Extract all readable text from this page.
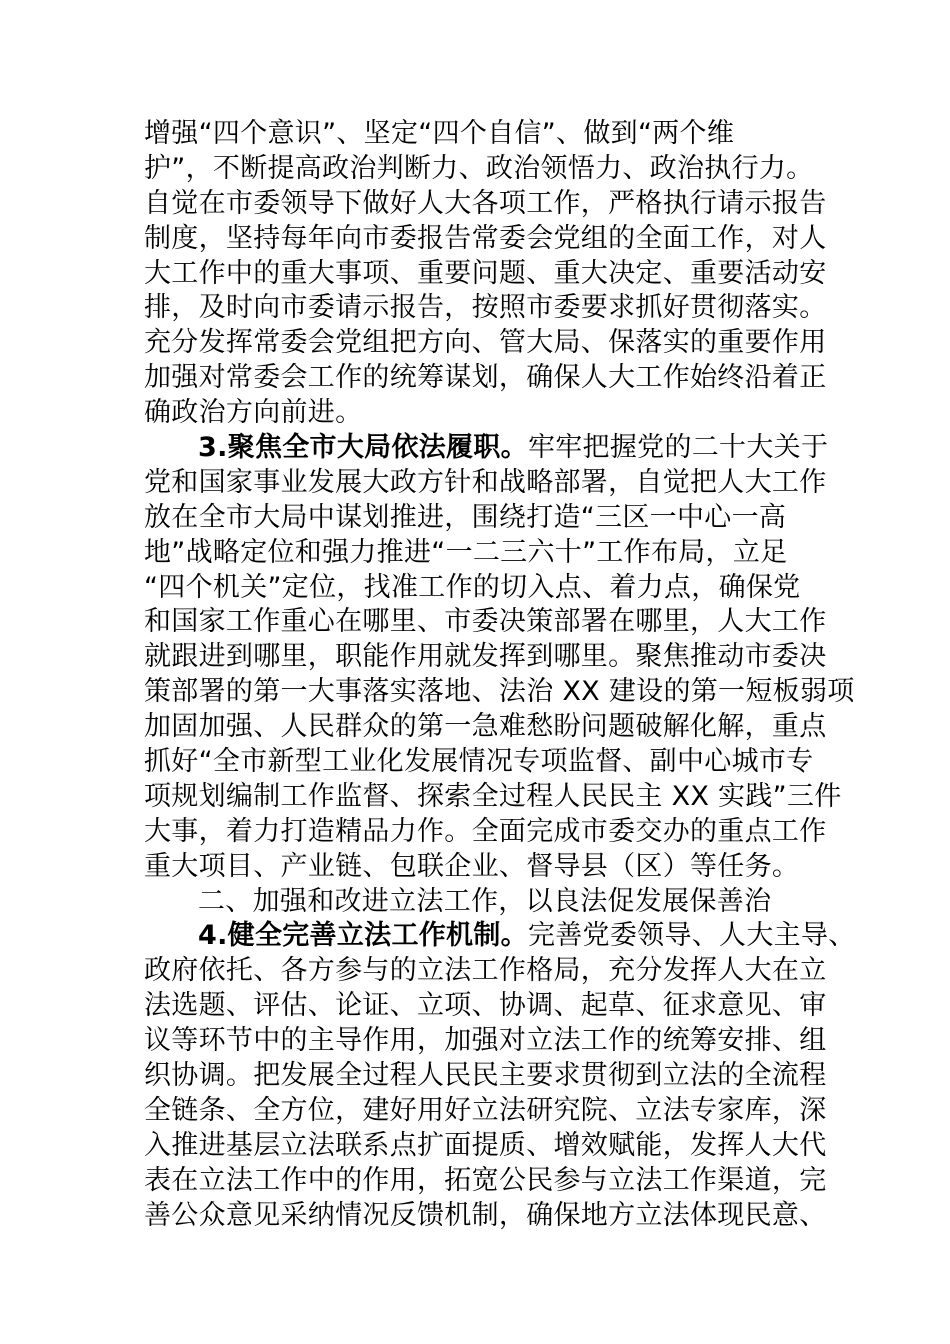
增强“四个意识”、坚定“四个自信”、做到“两个维
护”，不断提高政治判断力、政治领悟力、政治执行力。
自觉在市委领导下做好人大各项工作，严格执行请示报告
制度，坚持每年向市委报告常委会党组的全面工作，对人
大工作中的重大事项、重要问题、重大决定、重要活动安
排，及时向市委请示报告，按照市委要求抓好贯彻落实。
充分发挥常委会党组把方向、管大局、保落实的重要作用
加强对常委会工作的统筹谋划，确保人大工作始终沿着正
确政治方向前进。
3.聚焦全市大局依法履职。牢牢把握党的二十大关于
党和国家事业发展大政方针和战略部署，自觉把人大工作
放在全市大局中谋划推进，围绕打造“三区一中心一高
地”战略定位和强力推进“一二三六十”工作布局，立足
“四个机关”定位，找准工作的切入点、着力点，确保党
和国家工作重心在哪里、市委决策部署在哪里，人大工作
就跟进到哪里，职能作用就发挥到哪里。聚焦推动市委决
策部署的第一大事落实落地、法治 XX 建设的第一短板弱项
加固加强、人民群众的第一急难愁盼问题破解化解，重点
抓好“全市新型工业化发展情况专项监督、副中心城市专
项规划编制工作监督、探索全过程人民民主 XX 实践”三件
大事，着力打造精品力作。全面完成市委交办的重点工作
重大项目、产业链、包联企业、督导县（区）等任务。
二、加强和改进立法工作，以良法促发展保善治
4.健全完善立法工作机制。完善党委领导、人大主导、
政府依托、各方参与的立法工作格局，充分发挥人大在立
法选题、评估、论证、立项、协调、起草、征求意见、审
议等环节中的主导作用，加强对立法工作的统筹安排、组
织协调。把发展全过程人民民主要求贯彻到立法的全流程
全链条、全方位，建好用好立法研究院、立法专家库，深
入推进基层立法联系点扩面提质、增效赋能，发挥人大代
表在立法工作中的作用，拓宽公民参与立法工作渠道，完
善公众意见采纳情况反馈机制，确保地方立法体现民意、
